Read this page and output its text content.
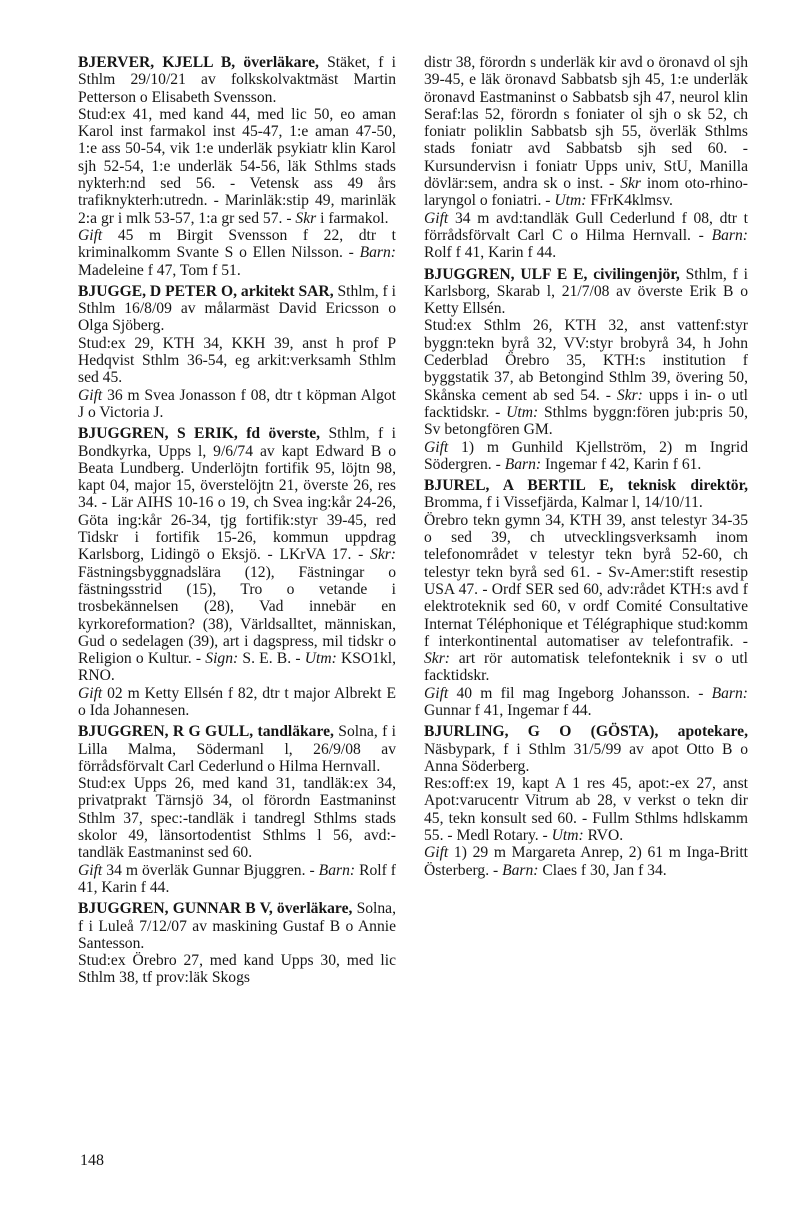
BJERVER, KJELL B, överläkare, Stäket, f i Sthlm 29/10/21 av folkskolvaktmäst Martin Petterson o Elisabeth Svensson.

Stud:ex 41, med kand 44, med lic 50, eo aman Karol inst farmakol inst 45-47, 1:e aman 47-50, 1:e ass 50-54, vik 1:e underläk psykiatr klin Karol sjh 52-54, 1:e underläk 54-56, läk Sthlms stads nykterh:nd sed 56. - Vetensk ass 49 års trafiknykterh:utredn. - Marinläk:stip 49, marinläk 2:a gr i mlk 53-57, 1:a gr sed 57. - Skr i farmakol.

Gift 45 m Birgit Svensson f 22, dtr t kriminalkomm Svante S o Ellen Nilsson. - Barn: Madeleine f 47, Tom f 51.

BJUGGE, D PETER O, arkitekt SAR, Sthlm, f i Sthlm 16/8/09 av målarmäst David Ericsson o Olga Sjöberg.

Stud:ex 29, KTH 34, KKH 39, anst h prof P Hedqvist Sthlm 36-54, eg arkit:verksamh Sthlm sed 45.

Gift 36 m Svea Jonasson f 08, dtr t köpman Algot J o Victoria J.

BJUGGREN, S ERIK, fd överste, Sthlm, f i Bondkyrka, Upps l, 9/6/74 av kapt Edward B o Beata Lundberg. Underlöjtn fortifik 95, löjtn 98, kapt 04, major 15, överstelöjtn 21, överste 26, res 34. - Lär AIHS 10-16 o 19, ch Svea ing:kår 24-26, Göta ing:kår 26-34, tjg fortifik:styr 39-45, red Tidskr i fortifik 15-26, kommun uppdrag Karlsborg, Lidingö o Eksjö. - LKrVA 17. - Skr: Fästningsbyggnadslära (12), Fästningar o fästningsstrid (15), Tro o vetande i trosbekännelsen (28), Vad innebär en kyrkoreformation? (38), Världsalltet, människan, Gud o sedelagen (39), art i dagspress, mil tidskr o Religion o Kultur. - Sign: S. E. B. - Utm: KSO1kl, RNO.

Gift 02 m Ketty Ellsén f 82, dtr t major Albrekt E o Ida Johannesen.

BJUGGREN, R G GULL, tandläkare, Solna, f i Lilla Malma, Södermanl l, 26/9/08 av förrådsförvalt Carl Cederlund o Hilma Hernvall.

Stud:ex Upps 26, med kand 31, tandläk:ex 34, privatprakt Tärnsjö 34, ol förordn Eastmaninst Sthlm 37, spec:-tandläk i tandregl Sthlms stads skolor 49, länsortodentist Sthlms l 56, avd:-tandläk Eastmaninst sed 60.

Gift 34 m överläk Gunnar Bjuggren. - Barn: Rolf f 41, Karin f 44.

BJUGGREN, GUNNAR B V, överläkare, Solna, f i Luleå 7/12/07 av maskining Gustaf B o Annie Santesson.

Stud:ex Örebro 27, med kand Upps 30, med lic Sthlm 38, tf prov:läk Skogs

distr 38, förordn s underläk kir avd o öronavd ol sjh 39-45, e läk öronavd Sabbatsb sjh 45, 1:e underläk öronavd Eastmaninst o Sabbatsb sjh 47, neurol klin Seraf:las 52, förordn s foniater ol sjh o sk 52, ch foniatr poliklin Sabbatsb sjh 55, överläk Sthlms stads foniatr avd Sabbatsb sjh sed 60. - Kursundervisn i foniatr Upps univ, StU, Manilla dövlär:sem, andra sk o inst. - Skr inom oto-rhino-laryngol o foniatri. - Utm: FFrK4klmsv.

Gift 34 m avd:tandläk Gull Cederlund f 08, dtr t förrådsförvalt Carl C o Hilma Hernvall. - Barn: Rolf f 41, Karin f 44.

BJUGGREN, ULF E E, civilingenjör, Sthlm, f i Karlsborg, Skarab l, 21/7/08 av överste Erik B o Ketty Ellsén.

Stud:ex Sthlm 26, KTH 32, anst vattenf:styr byggn:tekn byrå 32, VV:styr brobyrå 34, h John Cederblad Örebro 35, KTH:s institution f byggstatik 37, ab Betongind Sthlm 39, övering 50, Skånska cement ab sed 54. - Skr: upps i in- o utl facktidskr. - Utm: Sthlms byggn:fören jub:pris 50, Sv betongfören GM.

Gift 1) m Gunhild Kjellström, 2) m Ingrid Södergren. - Barn: Ingemar f 42, Karin f 61.

BJUREL, A BERTIL E, teknisk direktör, Bromma, f i Vissefjärda, Kalmar l, 14/10/11.

Örebro tekn gymn 34, KTH 39, anst telestyr 34-35 o sed 39, ch utvecklingsverksamh inom telefonområdet v telestyr tekn byrå 52-60, ch telestyr tekn byrå sed 61. - Sv-Amer:stift resestip USA 47. - Ordf SER sed 60, adv:rådet KTH:s avd f elektroteknik sed 60, v ordf Comité Consultative Internat Téléphonique et Télégraphique stud:komm f interkontinental automatiser av telefontrafik. - Skr: art rör automatisk telefonteknik i sv o utl facktidskr.

Gift 40 m fil mag Ingeborg Johansson. - Barn: Gunnar f 41, Ingemar f 44.

BJURLING, G O (GÖSTA), apotekare, Näsbypark, f i Sthlm 31/5/99 av apot Otto B o Anna Söderberg.

Res:off:ex 19, kapt A 1 res 45, apot:-ex 27, anst Apot:varucentr Vitrum ab 28, v verkst o tekn dir 45, tekn konsult sed 60. - Fullm Sthlms hdlskamm 55. - Medl Rotary. - Utm: RVO.

Gift 1) 29 m Margareta Anrep, 2) 61 m Inga-Britt Österberg. - Barn: Claes f 30, Jan f 34.

148
